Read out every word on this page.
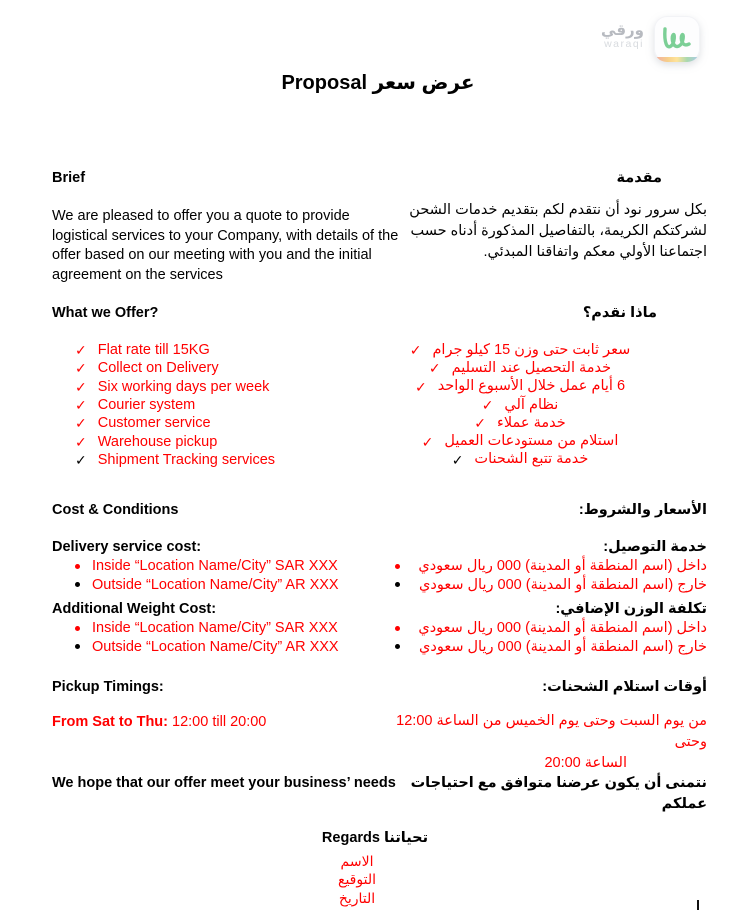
ورقي
waraqi
عرض سعر Proposal
Brief	مقدمة
We are pleased to offer you a quote to provide logistical services to your Company, with details of the offer based on our meeting with you and the initial agreement on the services
بكل سرور نود أن نتقدم لكم بتقديم خدمات الشحن لشركتكم الكريمة، بالتفاصيل المذكورة أدناه حسب اجتماعنا الأولي معكم واتفاقنا المبدئي.
What we Offer?	ماذا نقدم؟
✓ Flat rate till 15KG
✓ Collect on Delivery
✓ Six working days per week
✓ Courier system
✓ Customer service
✓ Warehouse pickup
✓ Shipment Tracking services
✓ سعر ثابت حتى وزن 15 كيلو جرام
✓ خدمة التحصيل عند التسليم
✓ 6 أيام عمل خلال الأسبوع الواحد
✓ نظام آلي
✓ خدمة عملاء
✓ استلام من مستودعات العميل
✓ خدمة تتبع الشحنات
Cost & Conditions	الأسعار والشروط:
Delivery service cost:	خدمة التوصيل:
Inside “Location Name/City” SAR XXX
Outside “Location Name/City” AR XXX
داخل (اسم المنطقة أو المدينة) 000 ريال سعودي
خارج (اسم المنطقة أو المدينة) 000 ريال سعودي
Additional Weight Cost:	تكلفة الوزن الإضافي:
Inside “Location Name/City” SAR XXX
Outside “Location Name/City” AR XXX
داخل (اسم المنطقة أو المدينة) 000 ريال سعودي
خارج (اسم المنطقة أو المدينة) 000 ريال سعودي
Pickup Timings:	أوقات استلام الشحنات:
From Sat to Thu: 12:00 till 20:00	من يوم السبت وحتى يوم الخميس من الساعة 12:00 وحتى
الساعة 20:00
We hope that our offer meet your business’ needs	نتمنى أن يكون عرضنا متوافق مع احتياجات عملكم
تحياتنا Regards
الاسم
التوقيع
التاريخ
